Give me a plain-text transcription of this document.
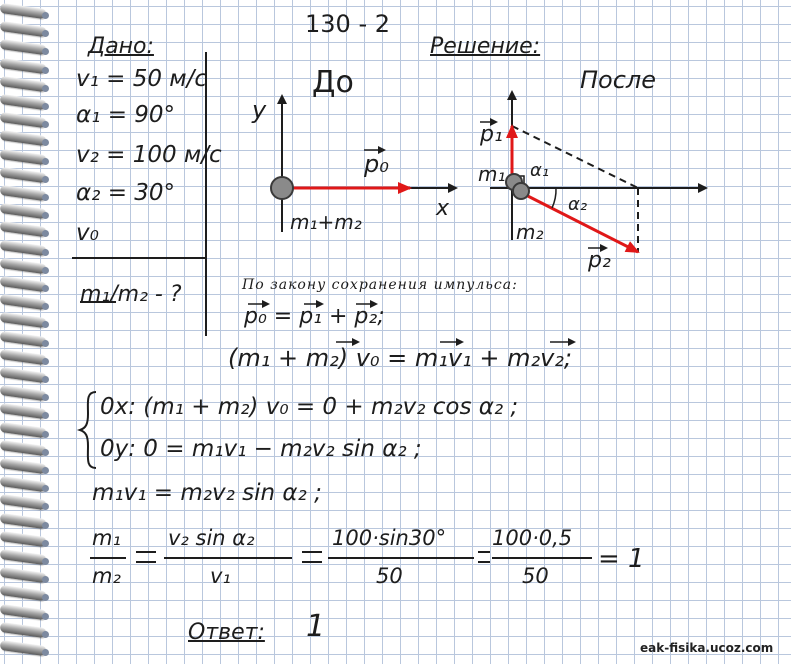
130 - 2
Дано:
v₁ = 50 м/с
α₁ = 90°
v₂ = 100 м/с
α₂ = 30°
v₀
m₁/m₂ - ?
Решение:
До	После
y
x
p₀
m₁+m₂
p₁
m₁ α₁
α₂
m₂
p₂
По закону сохранения импульса:
p₀ = p₁ + p₂;
(m₁ + m₂) v₀ = m₁v₁ + m₂v₂;
0x: (m₁ + m₂) v₀ = 0 + m₂v₂ cos α₂ ;
0y: 0 = m₁v₁ − m₂v₂ sin α₂ ;
m₁v₁ = m₂v₂ sin α₂ ;
m₁
m₂
v₂ sin α₂
v₁
100·sin30°
50
100·0,5
50
= 1
Ответ: 1
eak-fisika.ucoz.com
